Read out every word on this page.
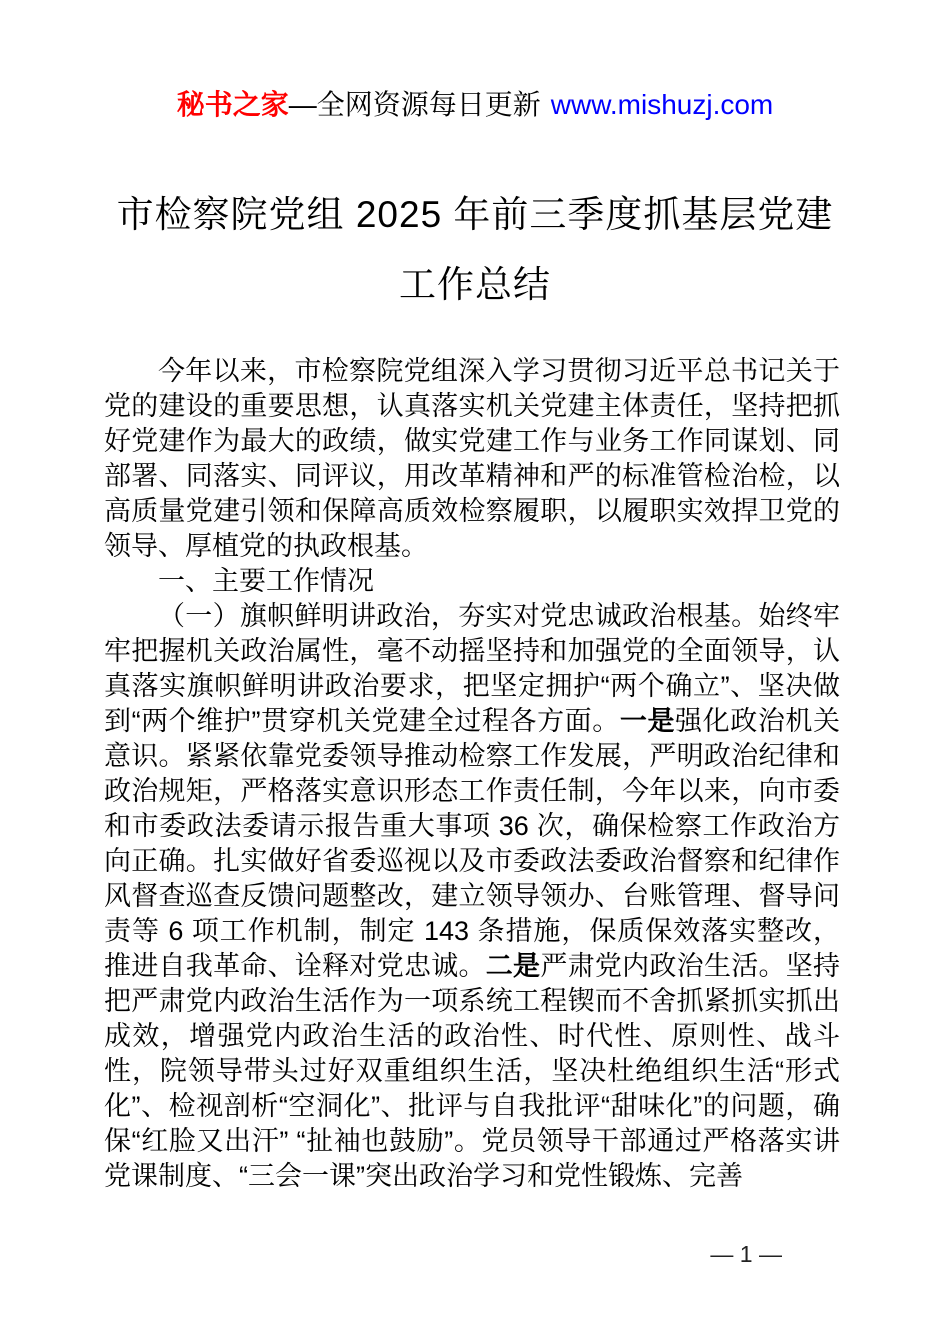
秘书之家—全网资源每日更新 www.mishuzj.com
市检察院党组 2025 年前三季度抓基层党建
工作总结

今年以来，市检察院党组深入学习贯彻习近平总书记关于党的建设的重要思想，认真落实机关党建主体责任，坚持把抓好党建作为最大的政绩，做实党建工作与业务工作同谋划、同部署、同落实、同评议，用改革精神和严的标准管检治检，以高质量党建引领和保障高质效检察履职，以履职实效捍卫党的领导、厚植党的执政根基。

一、主要工作情况

（一）旗帜鲜明讲政治，夯实对党忠诚政治根基。始终牢牢把握机关政治属性，毫不动摇坚持和加强党的全面领导，认真落实旗帜鲜明讲政治要求，把坚定拥护“两个确立”、坚决做到“两个维护”贯穿机关党建全过程各方面。一是强化政治机关意识。紧紧依靠党委领导推动检察工作发展，严明政治纪律和政治规矩，严格落实意识形态工作责任制，今年以来，向市委和市委政法委请示报告重大事项 36 次，确保检察工作政治方向正确。扎实做好省委巡视以及市委政法委政治督察和纪律作风督查巡查反馈问题整改，建立领导领办、台账管理、督导问责等 6 项工作机制，制定 143 条措施，保质保效落实整改，推进自我革命、诠释对党忠诚。二是严肃党内政治生活。坚持把严肃党内政治生活作为一项系统工程锲而不舍抓紧抓实抓出成效，增强党内政治生活的政治性、时代性、原则性、战斗性，院领导带头过好双重组织生活，坚决杜绝组织生活“形式化”、检视剖析“空洞化”、批评与自我批评“甜味化”的问题，确保“红脸又出汗” “扯袖也鼓励”。党员领导干部通过严格落实讲党课制度、“三会一课”突出政治学习和党性锻炼、完善

— 1 —
